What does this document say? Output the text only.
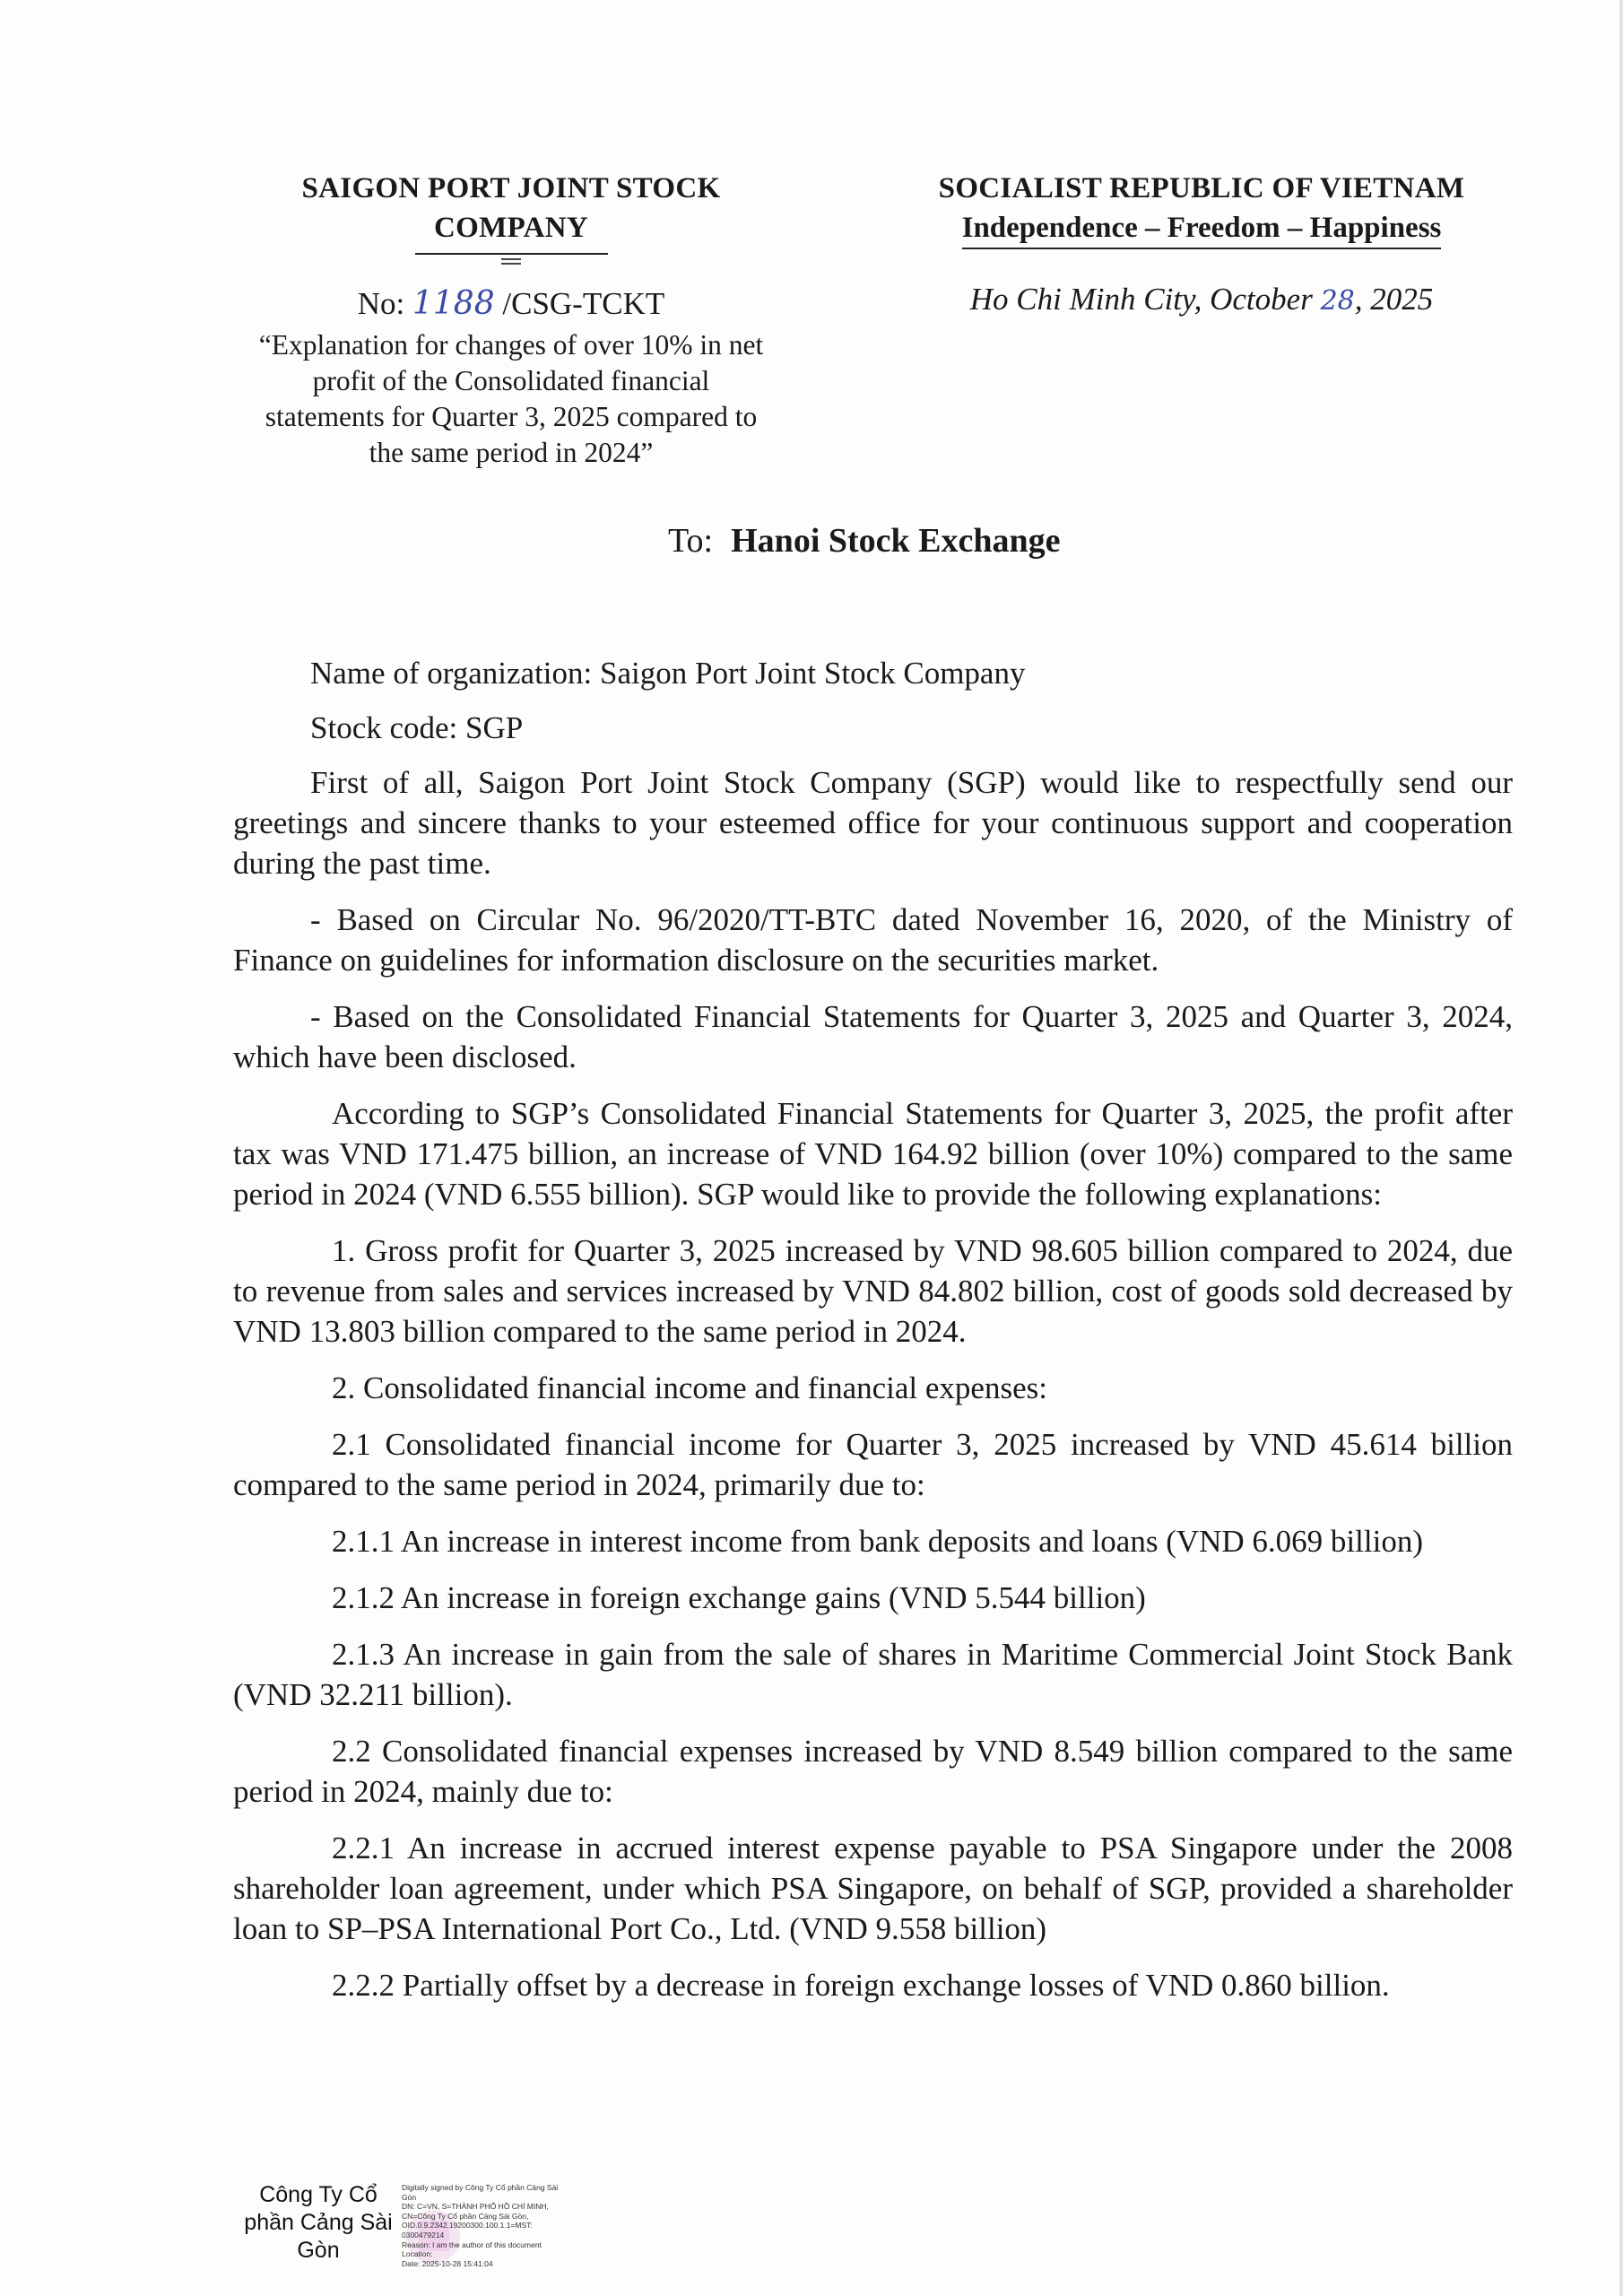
SAIGON PORT JOINT STOCK
COMPANY
No: 1188 /CSG-TCKT
“Explanation for changes of over 10% in net
profit of the Consolidated financial
statements for Quarter 3, 2025 compared to
the same period in 2024”
SOCIALIST REPUBLIC OF VIETNAM
Independence – Freedom – Happiness
Ho Chi Minh City, October 28, 2025
To: Hanoi Stock Exchange

Name of organization: Saigon Port Joint Stock Company

Stock code: SGP

First of all, Saigon Port Joint Stock Company (SGP) would like to respectfully send our greetings and sincere thanks to your esteemed office for your continuous support and cooperation during the past time.

- Based on Circular No. 96/2020/TT-BTC dated November 16, 2020, of the Ministry of Finance on guidelines for information disclosure on the securities market.

- Based on the Consolidated Financial Statements for Quarter 3, 2025 and Quarter 3, 2024, which have been disclosed.

According to SGP’s Consolidated Financial Statements for Quarter 3, 2025, the profit after tax was VND 171.475 billion, an increase of VND 164.92 billion (over 10%) compared to the same period in 2024 (VND 6.555 billion). SGP would like to provide the following explanations:

1. Gross profit for Quarter 3, 2025 increased by VND 98.605 billion compared to 2024, due to revenue from sales and services increased by VND 84.802 billion, cost of goods sold decreased by VND 13.803 billion compared to the same period in 2024.

2. Consolidated financial income and financial expenses:

2.1 Consolidated financial income for Quarter 3, 2025 increased by VND 45.614 billion compared to the same period in 2024, primarily due to:

2.1.1 An increase in interest income from bank deposits and loans (VND 6.069 billion)

2.1.2 An increase in foreign exchange gains (VND 5.544 billion)

2.1.3 An increase in gain from the sale of shares in Maritime Commercial Joint Stock Bank (VND 32.211 billion).

2.2 Consolidated financial expenses increased by VND 8.549 billion compared to the same period in 2024, mainly due to:

2.2.1 An increase in accrued interest expense payable to PSA Singapore under the 2008 shareholder loan agreement, under which PSA Singapore, on behalf of SGP, provided a shareholder loan to SP–PSA International Port Co., Ltd. (VND 9.558 billion)

2.2.2 Partially offset by a decrease in foreign exchange losses of VND 0.860 billion.

Công Ty Cổ
phần Cảng Sài
Gòn
Digitally signed by Công Ty Cổ phần Cảng Sài
Gòn
DN: C=VN, S=THÀNH PHỐ HỒ CHÍ MINH,
CN=Công Ty Cổ phần Cảng Sài Gòn,
OID.0.9.2342.19200300.100.1.1=MST:
0300479214
Reason: I am the author of this document
Location:
Date: 2025-10-28 15:41:04
